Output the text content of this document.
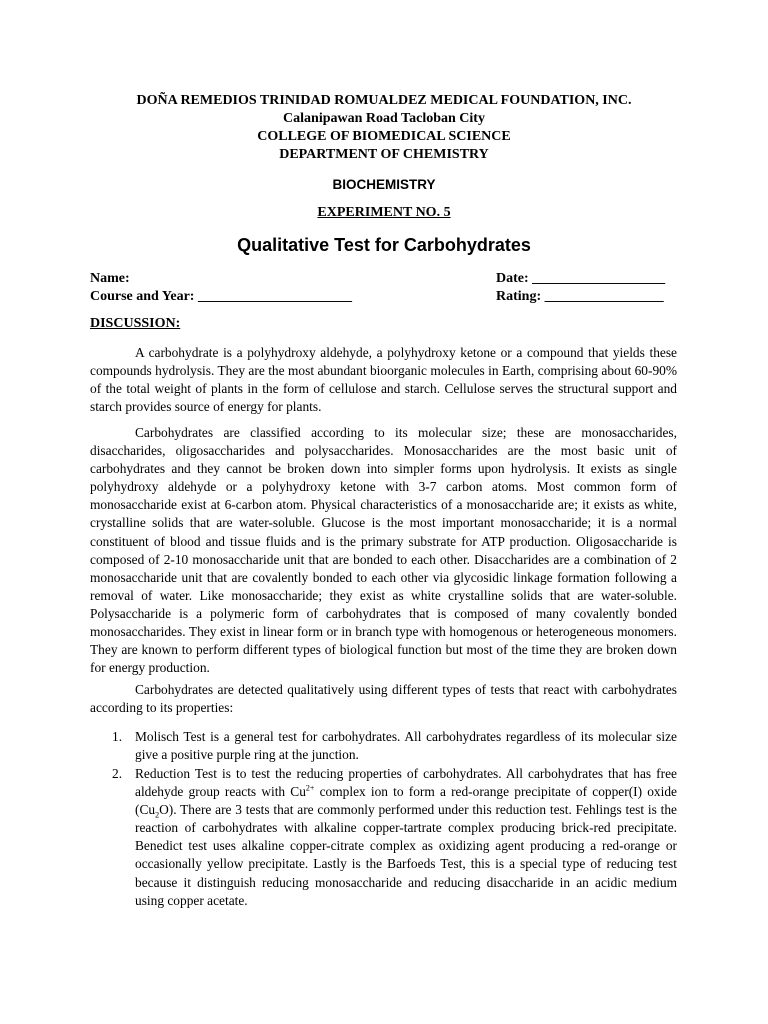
DOÑA REMEDIOS TRINIDAD ROMUALDEZ MEDICAL FOUNDATION, INC.
Calanipawan Road Tacloban City
COLLEGE OF BIOMEDICAL SCIENCE
DEPARTMENT OF CHEMISTRY
BIOCHEMISTRY
EXPERIMENT NO. 5
Qualitative Test for Carbohydrates
Name:
Course and Year: ______________________
Date: ___________________
Rating: _________________
DISCUSSION:

A carbohydrate is a polyhydroxy aldehyde, a polyhydroxy ketone or a compound that yields these compounds hydrolysis. They are the most abundant bioorganic molecules in Earth, comprising about 60-90% of the total weight of plants in the form of cellulose and starch. Cellulose serves the structural support and starch provides source of energy for plants.

Carbohydrates are classified according to its molecular size; these are monosaccharides, disaccharides, oligosaccharides and polysaccharides. Monosaccharides are the most basic unit of carbohydrates and they cannot be broken down into simpler forms upon hydrolysis. It exists as single polyhydroxy aldehyde or a polyhydroxy ketone with 3-7 carbon atoms. Most common form of monosaccharide exist at 6-carbon atom. Physical characteristics of a monosaccharide are; it exists as white, crystalline solids that are water-soluble. Glucose is the most important monosaccharide; it is a normal constituent of blood and tissue fluids and is the primary substrate for ATP production. Oligosaccharide is composed of 2-10 monosaccharide unit that are bonded to each other. Disaccharides are a combination of 2 monosaccharide unit that are covalently bonded to each other via glycosidic linkage formation following a removal of water. Like monosaccharide; they exist as white crystalline solids that are water-soluble. Polysaccharide is a polymeric form of carbohydrates that is composed of many covalently bonded monosaccharides. They exist in linear form or in branch type with homogenous or heterogeneous monomers. They are known to perform different types of biological function but most of the time they are broken down for energy production.

Carbohydrates are detected qualitatively using different types of tests that react with carbohydrates according to its properties:

1. Molisch Test is a general test for carbohydrates. All carbohydrates regardless of its molecular size give a positive purple ring at the junction.

2. Reduction Test is to test the reducing properties of carbohydrates. All carbohydrates that has free aldehyde group reacts with $Cu^{2+}$ complex ion to form a red-orange precipitate of copper(I) oxide $(Cu_2O)$. There are 3 tests that are commonly performed under this reduction test. Fehlings test is the reaction of carbohydrates with alkaline copper-tartrate complex producing brick-red precipitate. Benedict test uses alkaline copper-citrate complex as oxidizing agent producing a red-orange or occasionally yellow precipitate. Lastly is the Barfoeds Test, this is a special type of reducing test because it distinguish reducing monosaccharide and reducing disaccharide in an acidic medium using copper acetate.
